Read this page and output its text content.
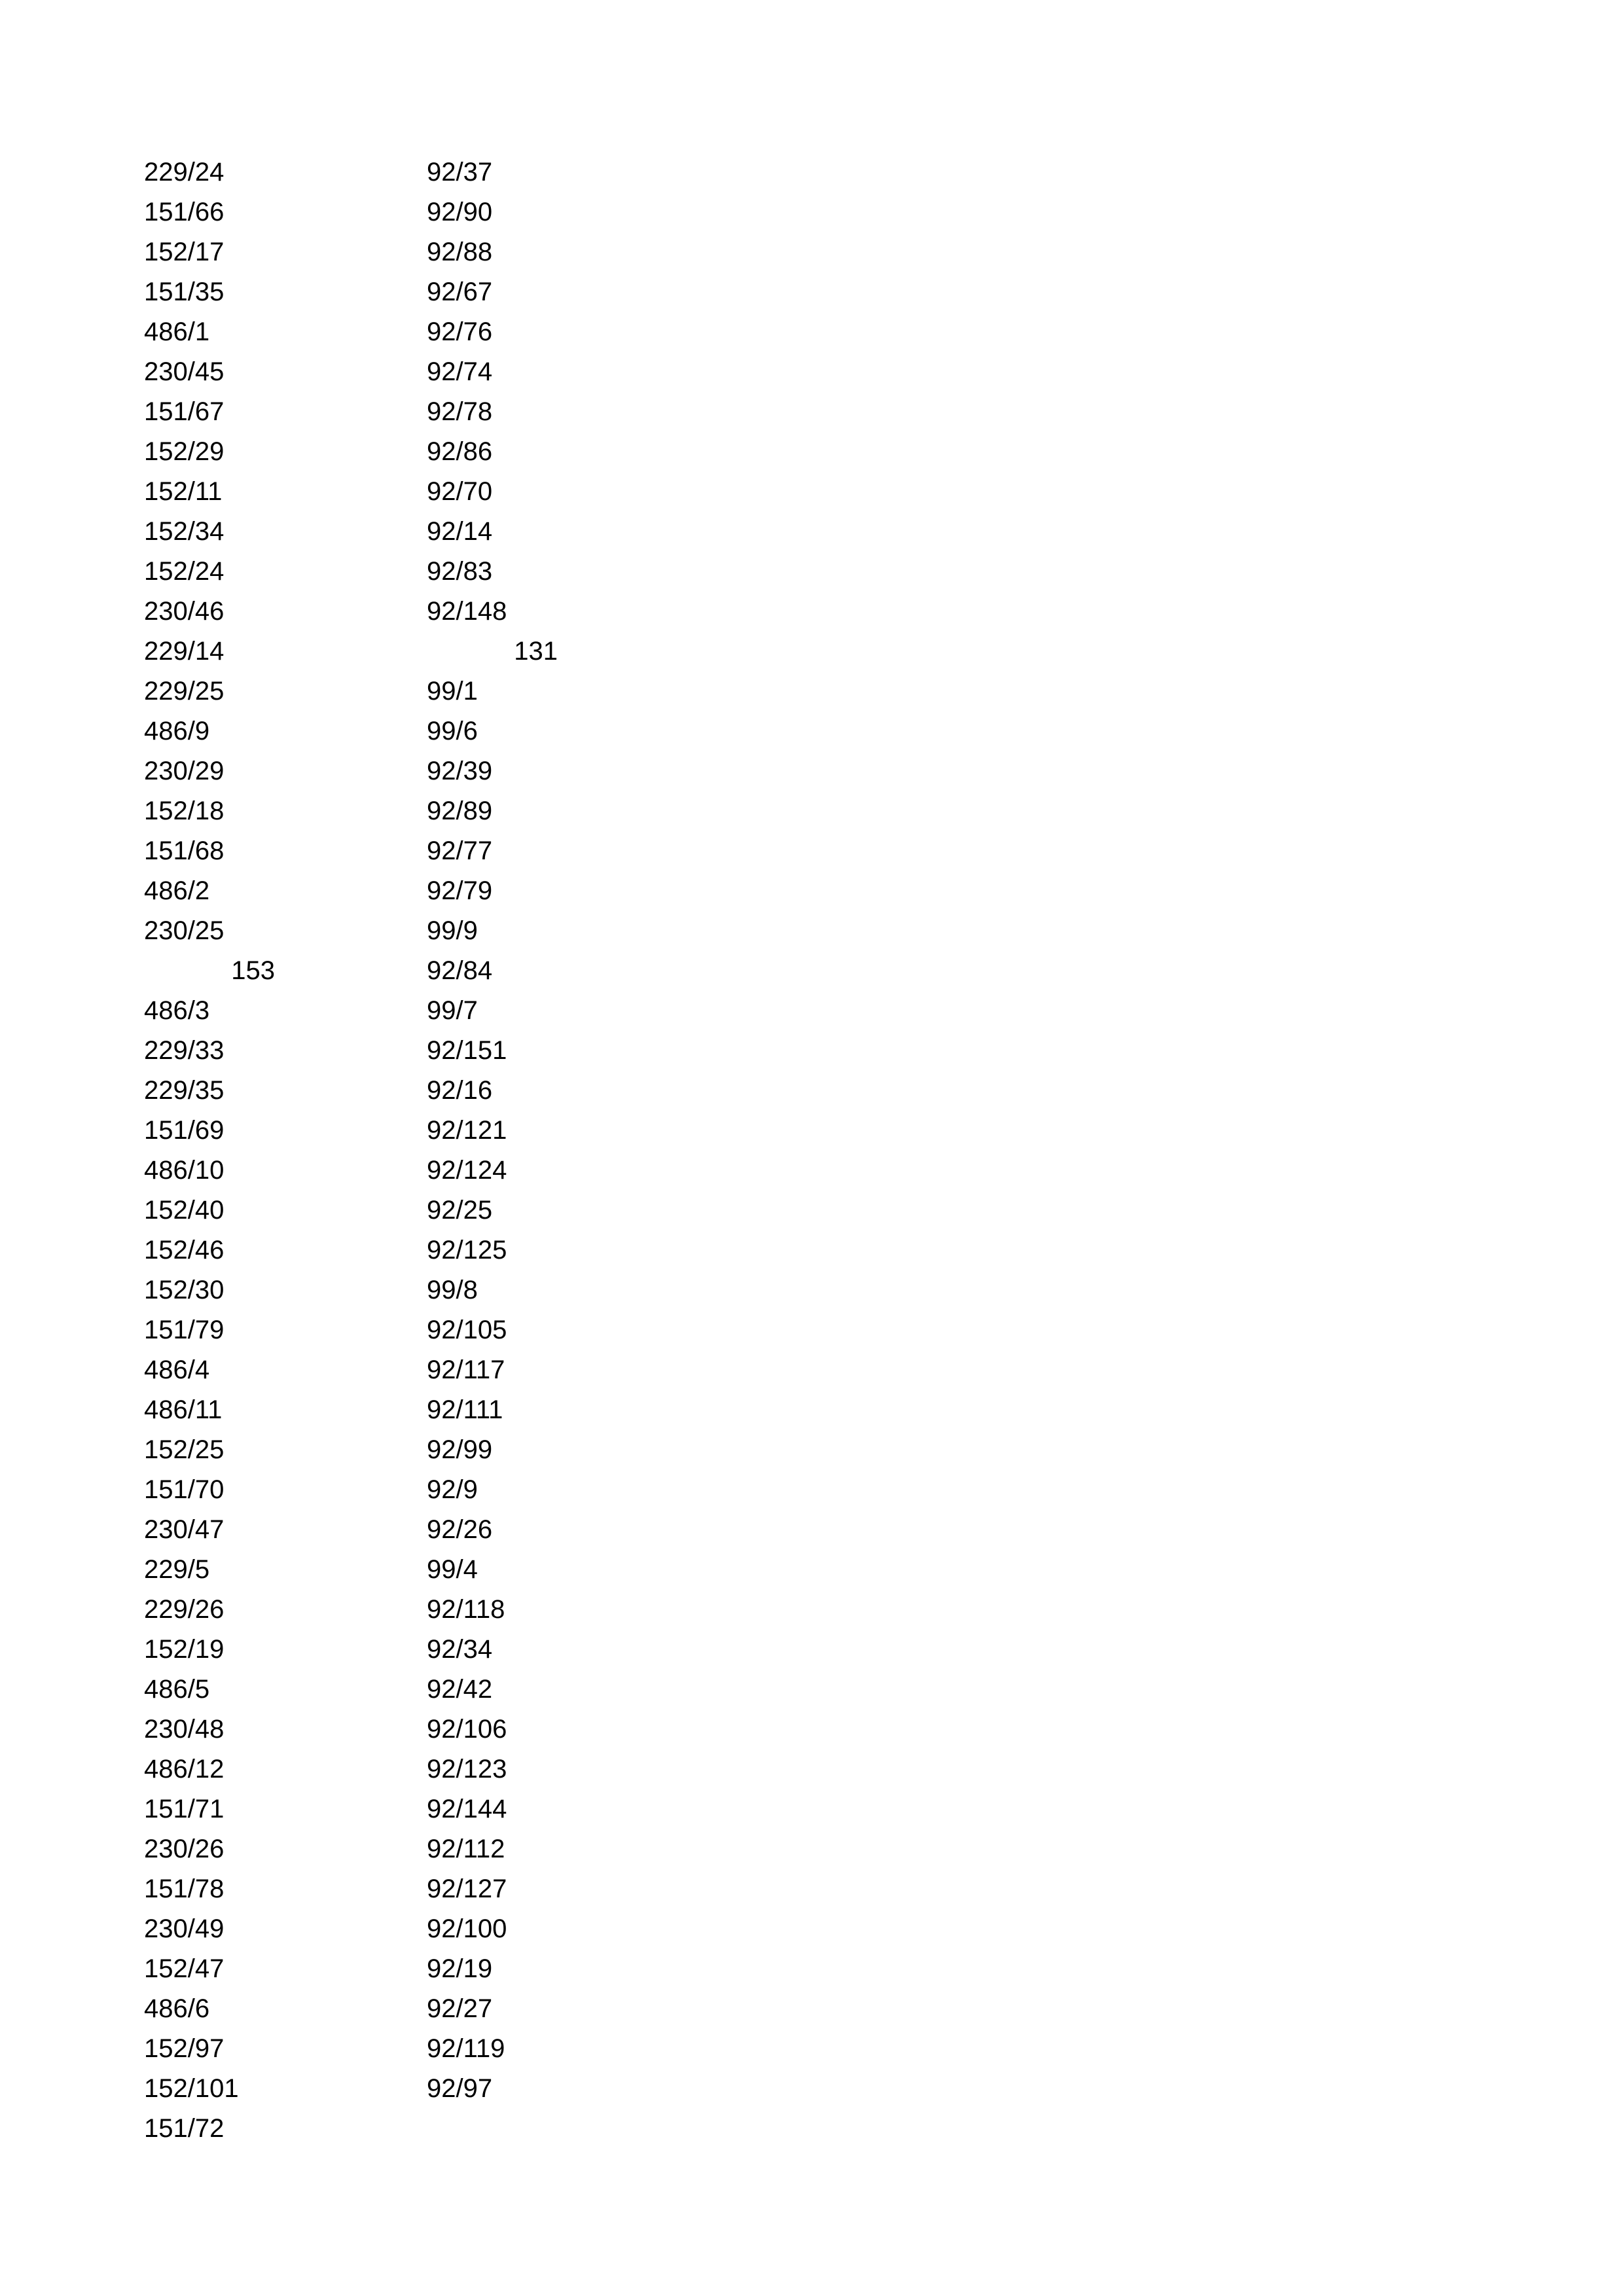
229/24
151/66
152/17
151/35
486/1
230/45
151/67
152/29
152/11
152/34
152/24
230/46
229/14
229/25
486/9
230/29
152/18
151/68
486/2
230/25
153
486/3
229/33
229/35
151/69
486/10
152/40
152/46
152/30
151/79
486/4
486/11
152/25
151/70
230/47
229/5
229/26
152/19
486/5
230/48
486/12
151/71
230/26
151/78
230/49
152/47
486/6
152/97
152/101
151/72
92/37
92/90
92/88
92/67
92/76
92/74
92/78
92/86
92/70
92/14
92/83
92/148
131
99/1
99/6
92/39
92/89
92/77
92/79
99/9
92/84
99/7
92/151
92/16
92/121
92/124
92/25
92/125
99/8
92/105
92/117
92/111
92/99
92/9
92/26
99/4
92/118
92/34
92/42
92/106
92/123
92/144
92/112
92/127
92/100
92/19
92/27
92/119
92/97
